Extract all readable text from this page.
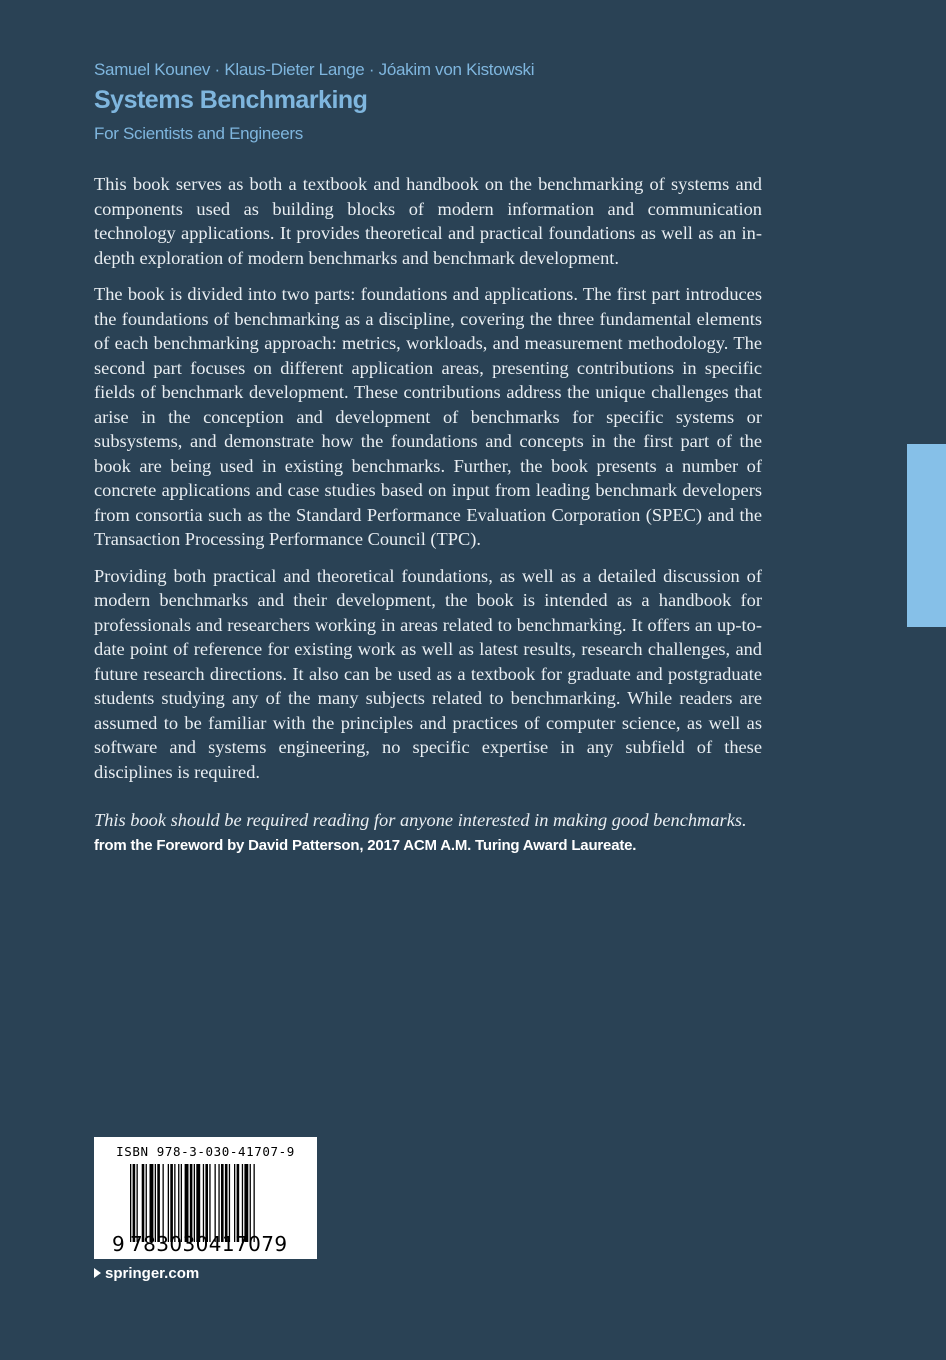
Samuel Kounev · Klaus-Dieter Lange · Jóakim von Kistowski
Systems Benchmarking
For Scientists and Engineers

This book serves as both a textbook and handbook on the benchmarking of systems and components used as building blocks of modern information and communication technology applications. It provides theoretical and practical foundations as well as an in-depth exploration of modern benchmarks and benchmark development.

The book is divided into two parts: foundations and applications. The first part introduces the foundations of benchmarking as a discipline, covering the three fundamental elements of each benchmarking approach: metrics, workloads, and measurement methodology. The second part focuses on different application areas, presenting contributions in specific fields of benchmark development. These contributions address the unique challenges that arise in the conception and development of benchmarks for specific systems or subsystems, and demonstrate how the foundations and concepts in the first part of the book are being used in existing benchmarks. Further, the book presents a number of concrete applications and case studies based on input from leading benchmark developers from consortia such as the Standard Performance Evaluation Corporation (SPEC) and the Transaction Processing Performance Council (TPC).

Providing both practical and theoretical foundations, as well as a detailed discussion of modern benchmarks and their development, the book is intended as a handbook for professionals and researchers working in areas related to benchmarking. It offers an up-to-date point of reference for existing work as well as latest results, research challenges, and future research directions. It also can be used as a textbook for graduate and postgraduate students studying any of the many subjects related to benchmarking. While readers are assumed to be familiar with the principles and practices of computer science, as well as software and systems engineering, no specific expertise in any subfield of these disciplines is required.

This book should be required reading for anyone interested in making good benchmarks.
from the Foreword by David Patterson, 2017 ACM A.M. Turing Award Laureate.
ISBN 978-3-030-41707-9
9 783030417079
springer.com
